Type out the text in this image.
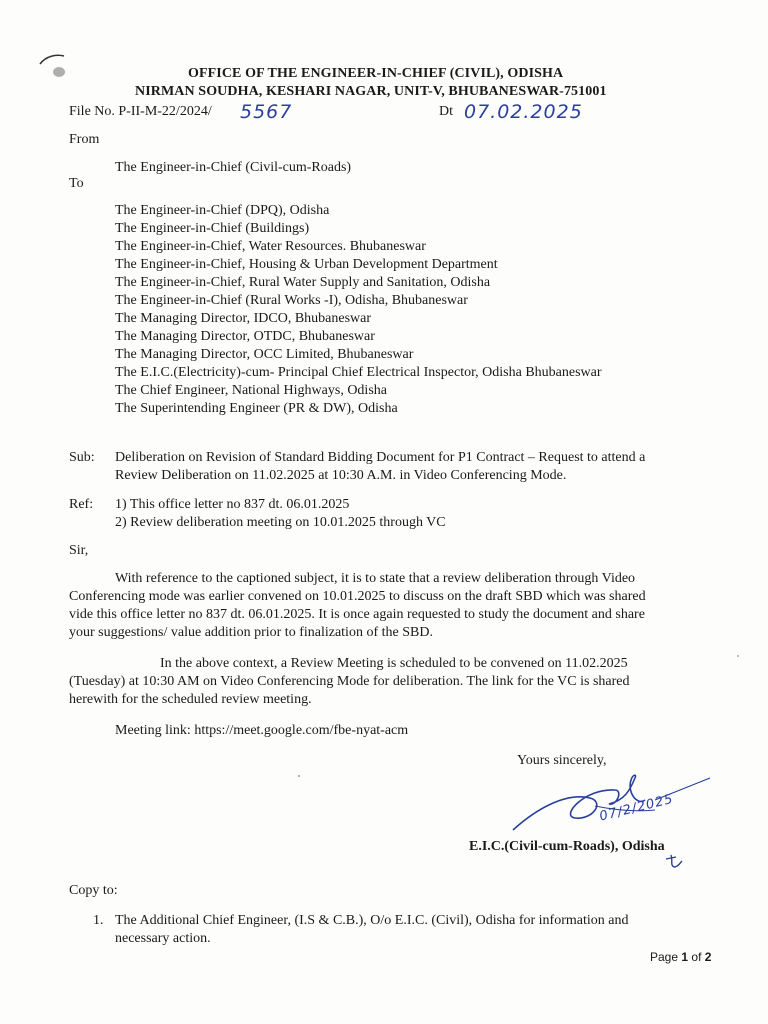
OFFICE OF THE ENGINEER-IN-CHIEF (CIVIL), ODISHA
NIRMAN SOUDHA, KESHARI NAGAR, UNIT-V, BHUBANESWAR-751001
File No. P-II-M-22/2024/ 5567	Dt 07.02.2025
From
The Engineer-in-Chief (Civil-cum-Roads)
To
The Engineer-in-Chief (DPQ), Odisha
The Engineer-in-Chief (Buildings)
The Engineer-in-Chief, Water Resources. Bhubaneswar
The Engineer-in-Chief, Housing & Urban Development Department
The Engineer-in-Chief, Rural Water Supply and Sanitation, Odisha
The Engineer-in-Chief (Rural Works -I), Odisha, Bhubaneswar
The Managing Director, IDCO, Bhubaneswar
The Managing Director, OTDC, Bhubaneswar
The Managing Director, OCC Limited, Bhubaneswar
The E.I.C.(Electricity)-cum- Principal Chief Electrical Inspector, Odisha Bhubaneswar
The Chief Engineer, National Highways, Odisha
The Superintending Engineer (PR & DW), Odisha
Sub: Deliberation on Revision of Standard Bidding Document for P1 Contract – Request to attend a
Review Deliberation on 11.02.2025 at 10:30 A.M. in Video Conferencing Mode.
Ref: 1) This office letter no 837 dt. 06.01.2025
2) Review deliberation meeting on 10.01.2025 through VC
Sir,
With reference to the captioned subject, it is to state that a review deliberation through Video
Conferencing mode was earlier convened on 10.01.2025 to discuss on the draft SBD which was shared
vide this office letter no 837 dt. 06.01.2025. It is once again requested to study the document and share
your suggestions/ value addition prior to finalization of the SBD.
In the above context, a Review Meeting is scheduled to be convened on 11.02.2025
(Tuesday) at 10:30 AM on Video Conferencing Mode for deliberation. The link for the VC is shared
herewith for the scheduled review meeting.
Meeting link: https://meet.google.com/fbe-nyat-acm
Yours sincerely,
07/2/2025
E.I.C.(Civil-cum-Roads), Odisha
Copy to:
1. The Additional Chief Engineer, (I.S & C.B.), O/o E.I.C. (Civil), Odisha for information and
necessary action.
Page 1 of 2
